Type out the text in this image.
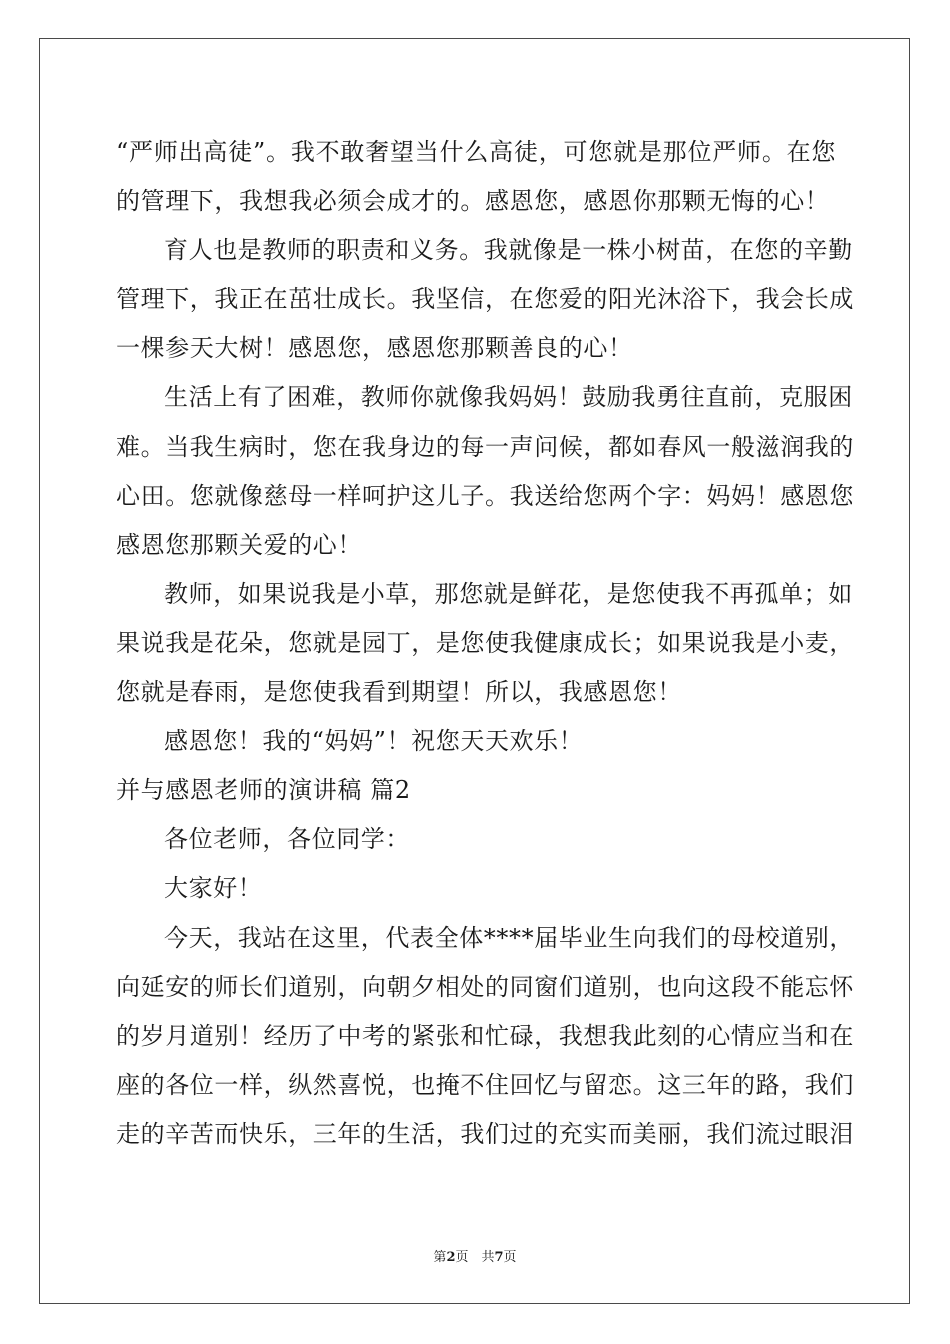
“严师出高徒”。我不敢奢望当什么高徒，可您就是那位严师。在您
的管理下，我想我必须会成才的。感恩您，感恩你那颗无悔的心！
育人也是教师的职责和义务。我就像是一株小树苗，在您的辛勤
管理下，我正在茁壮成长。我坚信，在您爱的阳光沐浴下，我会长成
一棵参天大树！感恩您，感恩您那颗善良的心！
生活上有了困难，教师你就像我妈妈！鼓励我勇往直前，克服困
难。当我生病时，您在我身边的每一声问候，都如春风一般滋润我的
心田。您就像慈母一样呵护这儿子。我送给您两个字：妈妈！感恩您
感恩您那颗关爱的心！
教师，如果说我是小草，那您就是鲜花，是您使我不再孤单；如
果说我是花朵，您就是园丁，是您使我健康成长；如果说我是小麦，
您就是春雨，是您使我看到期望！所以，我感恩您！
感恩您！我的“妈妈”！祝您天天欢乐！
并与感恩老师的演讲稿 篇2
各位老师，各位同学：
大家好！
今天，我站在这里，代表全体****届毕业生向我们的母校道别，
向延安的师长们道别，向朝夕相处的同窗们道别，也向这段不能忘怀
的岁月道别！经历了中考的紧张和忙碌，我想我此刻的心情应当和在
座的各位一样，纵然喜悦，也掩不住回忆与留恋。这三年的路，我们
走的辛苦而快乐，三年的生活，我们过的充实而美丽，我们流过眼泪
第2页　共7页
